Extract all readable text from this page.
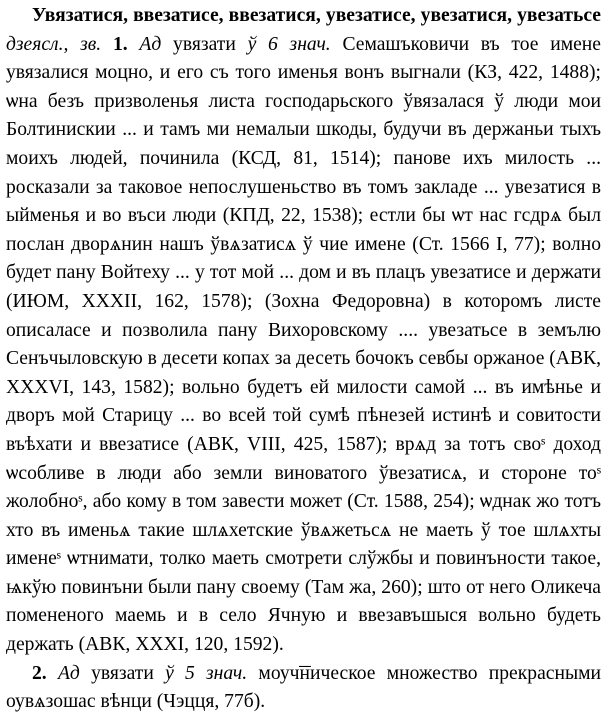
Увязатися, ввезатисе, ввезатися, увезатисе, увезатися, увезатьсе дзеясл., зв. 1. Ад увязати ў 6 знач. Семашъковичи въ тое имене увязалися моцно, и его съ того именья вонъ выгнали (КЗ, 422, 1488); ѡна безъ призволенья листа господарьского ўвязалася ў люди мои Болтинискии ... и тамъ ми немалыи шкоды, будучи въ держаньи тыхъ моихъ людей, починила (КСД, 81, 1514); панове ихъ милость ... росказали за таковое непослушеньство въ томъ закладе ... увезатися в ыйменья и во въси люди (КПД, 22, 1538); естли бы ѡт нас гсдрѧ был послан дворѧнин нашъ ўвѧзатисѧ ў чие имене (Ст. 1566 I, 77); волно будет пану Войтеху ... у тот мой ... дом и въ плацъ увезатисе и держати (ИЮМ, XXXII, 162, 1578); (Зохна Федоровна) в которомъ листе описаласе и позволила пану Вихоровскому .... увезатьсе в земълю Сенъчыловскую в десети копах за десеть бочокъ севбы оржаное (АВК, XXXVI, 143, 1582); вольно будетъ ей милости самой ... въ имѣнье и дворъ мой Старицу ... во всей той сумѣ пѣнезей истинѣ и совитости въѣхати и ввезатисе (АВК, VIII, 425, 1587); врѧд за тотъ своˢ доход ѡсобливе в люди або земли виноватого ўвезатисѧ, и стороне тоˢ жолобноˢ, або кому в том завести может (Ст. 1588, 254); ѡднак жо тотъ хто въ именьѧ такие шлѧхетские ўвѧжетьсѧ не маеть ў тое шлѧхты именеˢ ѡтнимати, толко маеть смотрети слўжбы и повинъности такое, ѩкўю повинъни были пану своему (Там жа, 260); што от него Оликеча помененого маемь и в село Ячную и ввезавъшыся вольно будеть держать (АВК, XXXI, 120, 1592).

2. Ад увязати ў 5 знач. моуч͞ническое множество прекрасными оувѧзошас вѣнци (Чэцця, 77б).
